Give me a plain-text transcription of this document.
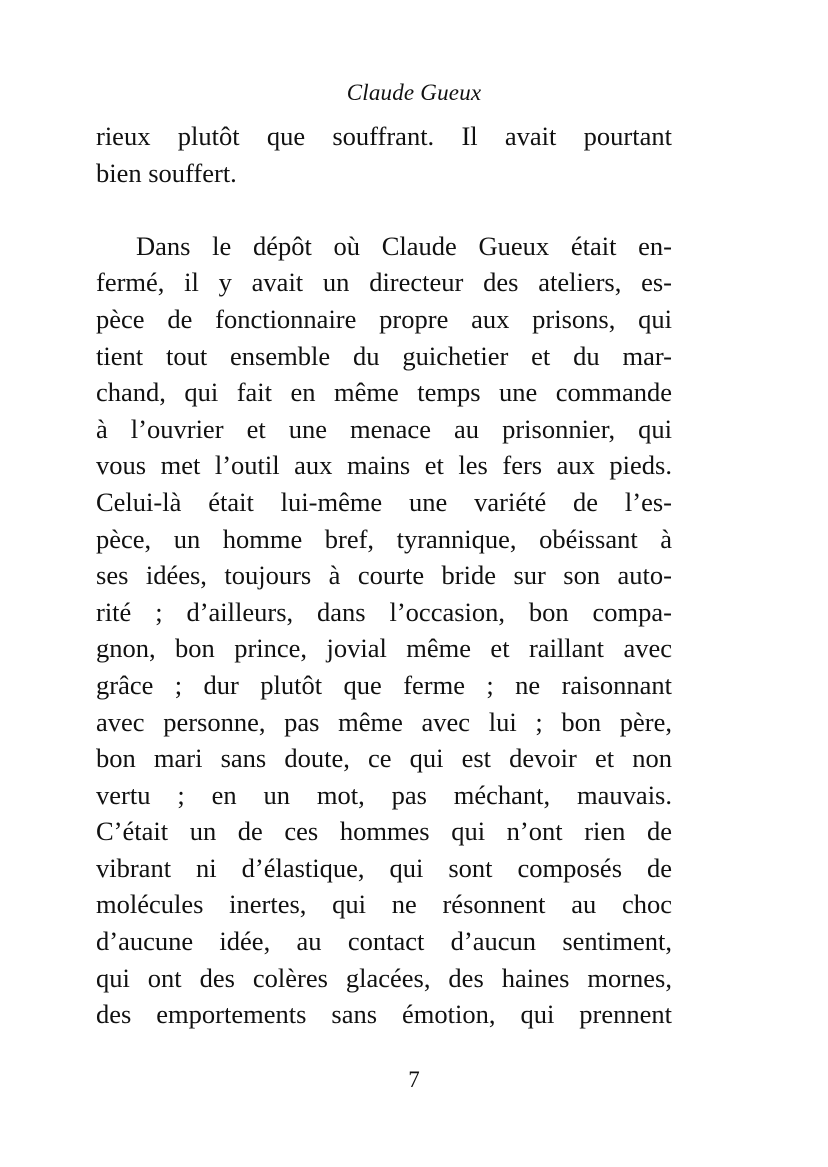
Claude Gueux
rieux plutôt que souffrant. Il avait pourtant
bien souffert.
Dans le dépôt où Claude Gueux était en-
fermé, il y avait un directeur des ateliers, es-
pèce de fonctionnaire propre aux prisons, qui
tient tout ensemble du guichetier et du mar-
chand, qui fait en même temps une commande
à l’ouvrier et une menace au prisonnier, qui
vous met l’outil aux mains et les fers aux pieds.
Celui-là était lui-même une variété de l’es-
pèce, un homme bref, tyrannique, obéissant à
ses idées, toujours à courte bride sur son auto-
rité ; d’ailleurs, dans l’occasion, bon compa-
gnon, bon prince, jovial même et raillant avec
grâce ; dur plutôt que ferme ; ne raisonnant
avec personne, pas même avec lui ; bon père,
bon mari sans doute, ce qui est devoir et non
vertu ; en un mot, pas méchant, mauvais.
C’était un de ces hommes qui n’ont rien de
vibrant ni d’élastique, qui sont composés de
molécules inertes, qui ne résonnent au choc
d’aucune idée, au contact d’aucun sentiment,
qui ont des colères glacées, des haines mornes,
des emportements sans émotion, qui prennent
7
